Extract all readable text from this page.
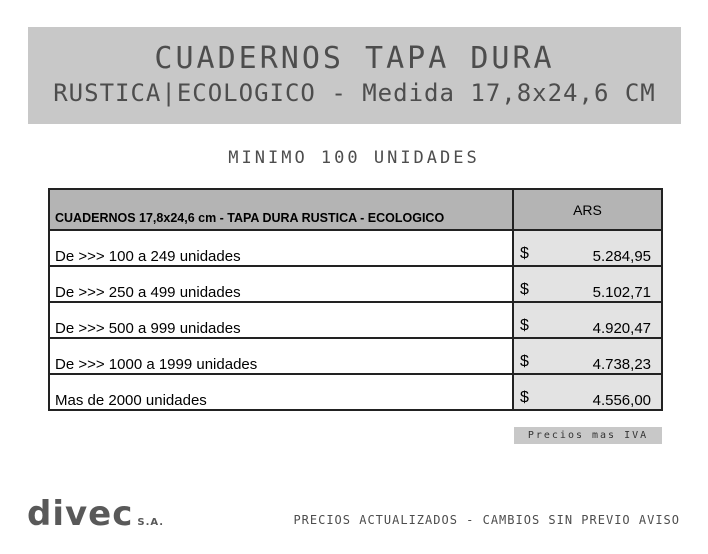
CUADERNOS TAPA DURA
RUSTICA|ECOLOGICO - Medida 17,8x24,6 CM
MINIMO 100 UNIDADES
CUADERNOS 17,8x24,6 cm - TAPA DURA RUSTICA - ECOLOGICO	ARS
De >>> 100 a 249 unidades	$ 5.284,95

De >>> 250 a 499 unidades	$ 5.102,71

De >>> 500 a 999 unidades	$ 4.920,47

De >>> 1000 a 1999 unidades	$ 4.738,23

Mas de 2000 unidades	$ 4.556,00
Precios mas IVA
divec S.A.	PRECIOS ACTUALIZADOS - CAMBIOS SIN PREVIO AVISO
